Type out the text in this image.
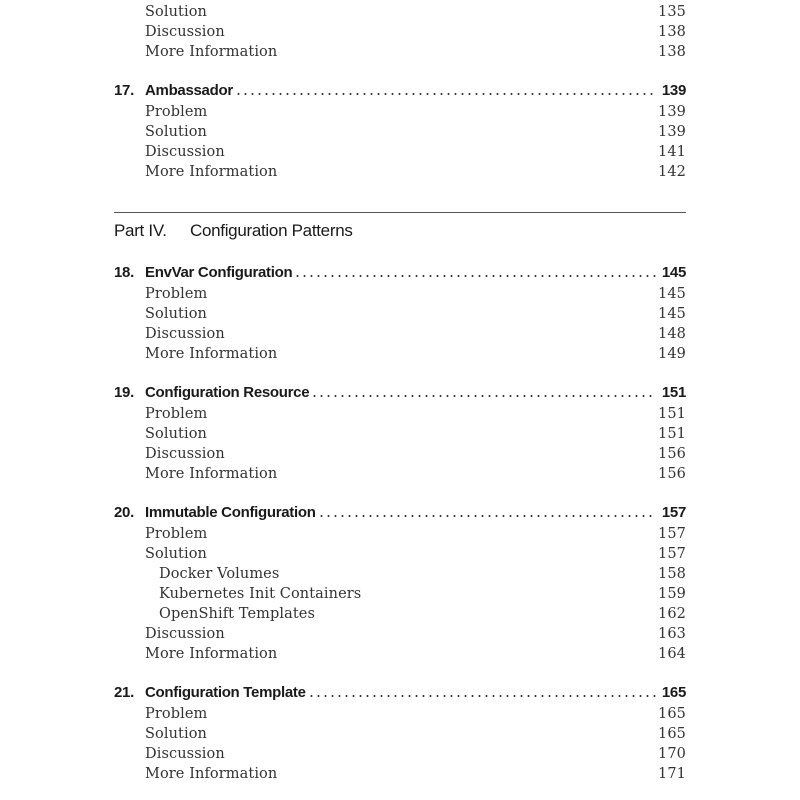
Solution	135
Discussion	138
More Information	138
17. Ambassador	139
Problem	139
Solution	139
Discussion	141
More Information	142
Part IV.	Configuration Patterns
18. EnvVar Configuration	145
Problem	145
Solution	145
Discussion	148
More Information	149
19. Configuration Resource	151
Problem	151
Solution	151
Discussion	156
More Information	156
20. Immutable Configuration	157
Problem	157
Solution	157
Docker Volumes	158
Kubernetes Init Containers	159
OpenShift Templates	162
Discussion	163
More Information	164
21. Configuration Template	165
Problem	165
Solution	165
Discussion	170
More Information	171
